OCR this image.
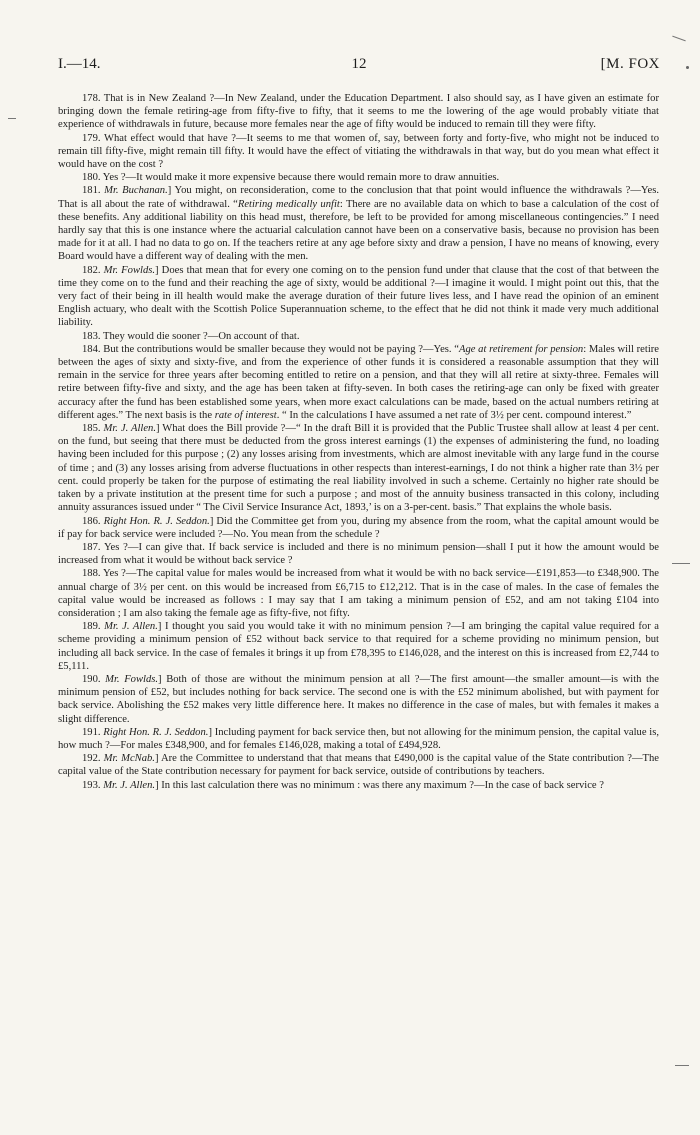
I.—14.	12	[M. FOX

178. That is in New Zealand ?—In New Zealand, under the Education Department. I also should say, as I have given an estimate for bringing down the female retiring-age from fifty-five to fifty, that it seems to me the lowering of the age would probably vitiate that experience of withdrawals in future, because more females near the age of fifty would be induced to remain till they were fifty.

179. What effect would that have ?—It seems to me that women of, say, between forty and forty-five, who might not be induced to remain till fifty-five, might remain till fifty. It would have the effect of vitiating the withdrawals in that way, but do you mean what effect it would have on the cost ?

180. Yes ?—It would make it more expensive because there would remain more to draw annuities.

181. Mr. Buchanan.] You might, on reconsideration, come to the conclusion that that point would influence the withdrawals ?—Yes. That is all about the rate of withdrawal. “Retiring medically unfit: There are no available data on which to base a calculation of the cost of these benefits. Any additional liability on this head must, therefore, be left to be provided for among miscellaneous contingencies.” I need hardly say that this is one instance where the actuarial calculation cannot have been on a conservative basis, because no provision has been made for it at all. I had no data to go on. If the teachers retire at any age before sixty and draw a pension, I have no means of knowing, every Board would have a different way of dealing with the men.

182. Mr. Fowlds.] Does that mean that for every one coming on to the pension fund under that clause that the cost of that between the time they come on to the fund and their reaching the age of sixty, would be additional ?—I imagine it would. I might point out this, that the very fact of their being in ill health would make the average duration of their future lives less, and I have read the opinion of an eminent English actuary, who dealt with the Scottish Police Superannuation scheme, to the effect that he did not think it made very much additional liability.

183. They would die sooner ?—On account of that.

184. But the contributions would be smaller because they would not be paying ?—Yes. “Age at retirement for pension: Males will retire between the ages of sixty and sixty-five, and from the experience of other funds it is considered a reasonable assumption that they will remain in the service for three years after becoming entitled to retire on a pension, and that they will all retire at sixty-three. Females will retire between fifty-five and sixty, and the age has been taken at fifty-seven. In both cases the retiring-age can only be fixed with greater accuracy after the fund has been established some years, when more exact calculations can be made, based on the actual numbers retiring at different ages.” The next basis is the rate of interest. “ In the calculations I have assumed a net rate of 3½ per cent. compound interest.”

185. Mr. J. Allen.] What does the Bill provide ?—“ In the draft Bill it is provided that the Public Trustee shall allow at least 4 per cent. on the fund, but seeing that there must be deducted from the gross interest earnings (1) the expenses of administering the fund, no loading having been included for this purpose ; (2) any losses arising from investments, which are almost inevitable with any large fund in the course of time ; and (3) any losses arising from adverse fluctuations in other respects than interest-earnings, I do not think a higher rate than 3½ per cent. could properly be taken for the purpose of estimating the real liability involved in such a scheme. Certainly no higher rate should be taken by a private institution at the present time for such a purpose ; and most of the annuity business transacted in this colony, including annuity assurances issued under “ The Civil Service Insurance Act, 1893,’ is on a 3-per-cent. basis.” That explains the whole basis.

186. Right Hon. R. J. Seddon.] Did the Committee get from you, during my absence from the room, what the capital amount would be if pay for back service were included ?—No. You mean from the schedule ?

187. Yes ?—I can give that. If back service is included and there is no minimum pension—shall I put it how the amount would be increased from what it would be without back service ?

188. Yes ?—The capital value for males would be increased from what it would be with no back service—£191,853—to £348,900. The annual charge of 3½ per cent. on this would be increased from £6,715 to £12,212. That is in the case of males. In the case of females the capital value would be increased as follows : I may say that I am taking a minimum pension of £52, and am not taking £104 into consideration ; I am also taking the female age as fifty-five, not fifty.

189. Mr. J. Allen.] I thought you said you would take it with no minimum pension ?—I am bringing the capital value required for a scheme providing a minimum pension of £52 without back service to that required for a scheme providing no minimum pension, but including all back service. In the case of females it brings it up from £78,395 to £146,028, and the interest on this is increased from £2,744 to £5,111.

190. Mr. Fowlds.] Both of those are without the minimum pension at all ?—The first amount—the smaller amount—is with the minimum pension of £52, but includes nothing for back service. The second one is with the £52 minimum abolished, but with payment for back service. Abolishing the £52 makes very little difference here. It makes no difference in the case of males, but with females it makes a slight difference.

191. Right Hon. R. J. Seddon.] Including payment for back service then, but not allowing for the minimum pension, the capital value is, how much ?—For males £348,900, and for females £146,028, making a total of £494,928.

192. Mr. McNab.] Are the Committee to understand that that means that £490,000 is the capital value of the State contribution ?—The capital value of the State contribution necessary for payment for back service, outside of contributions by teachers.

193. Mr. J. Allen.] In this last calculation there was no minimum : was there any maximum ?—In the case of back service ?
